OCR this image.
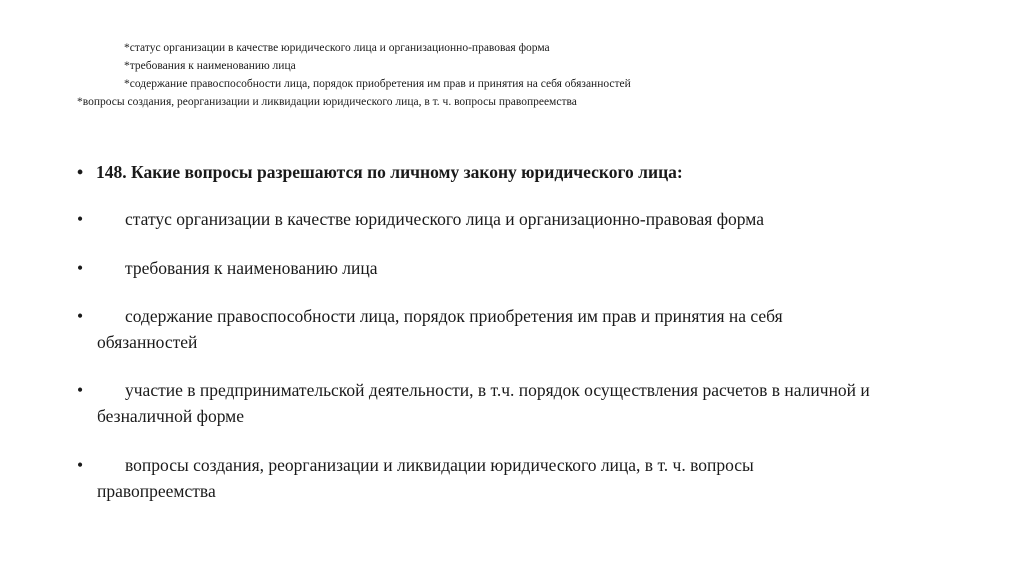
*статус организации в качестве юридического лица и организационно-правовая форма
*требования к наименованию лица
*содержание правоспособности лица, порядок приобретения им прав и принятия на себя обязанностей
*вопросы создания, реорганизации и ликвидации юридического лица, в т. ч. вопросы правопреемства
• 148. Какие вопросы разрешаются по личному закону юридического лица:
•	статус организации в качестве юридического лица и организационно-правовая форма
•	требования к наименованию лица
•	содержание правоспособности лица, порядок приобретения им прав и принятия на себя
обязанностей
•	участие в предпринимательской деятельности, в т.ч. порядок осуществления расчетов в наличной и
безналичной форме
•	вопросы создания, реорганизации и ликвидации юридического лица, в т. ч. вопросы
правопреемства
